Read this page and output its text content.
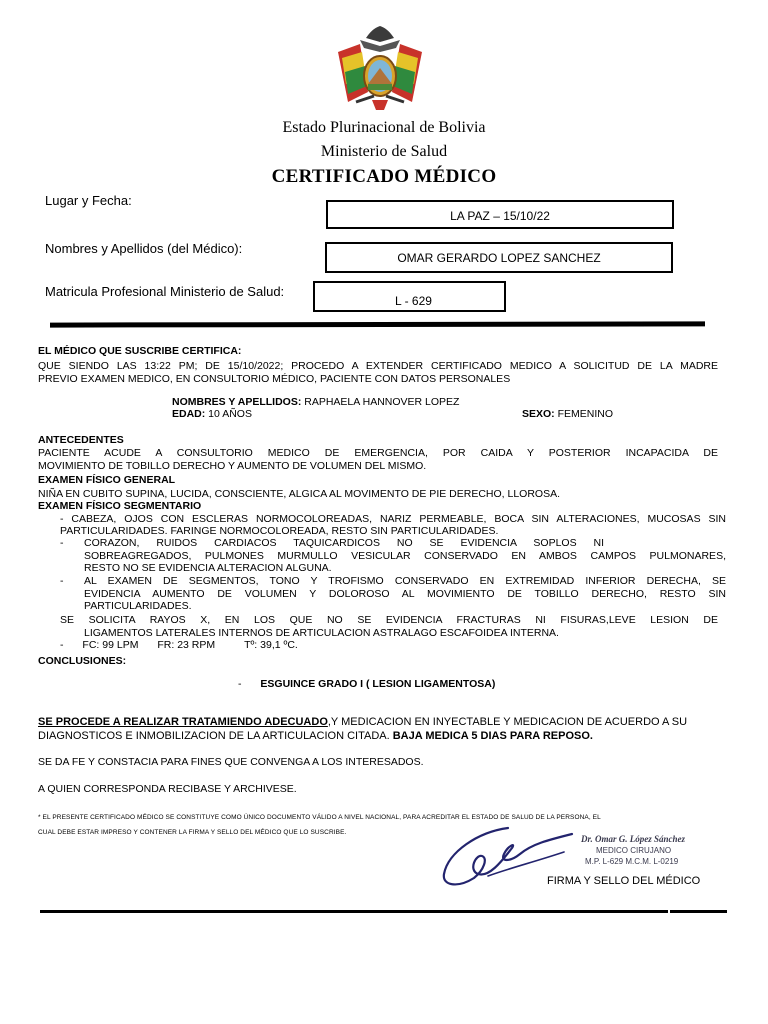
Estado Plurinacional de Bolivia
Ministerio de Salud
CERTIFICADO MÉDICO
Lugar y Fecha:
LA PAZ – 15/10/22
Nombres y Apellidos (del Médico):
OMAR GERARDO LOPEZ SANCHEZ
Matricula Profesional Ministerio de Salud:
L - 629
EL MÉDICO QUE SUSCRIBE CERTIFICA:
QUE SIENDO LAS 13:22 PM; DE 15/10/2022; PROCEDO A EXTENDER CERTIFICADO MEDICO A SOLICITUD DE LA MADRE
PREVIO EXAMEN MEDICO, EN CONSULTORIO MÉDICO, PACIENTE CON DATOS PERSONALES
NOMBRES Y APELLIDOS: RAPHAELA HANNOVER LOPEZ
EDAD: 10 AÑOS	SEXO: FEMENINO
ANTECEDENTES
PACIENTE ACUDE A CONSULTORIO MEDICO DE EMERGENCIA, POR CAIDA Y POSTERIOR INCAPACIDA DE
MOVIMIENTO DE TOBILLO DERECHO Y AUMENTO DE VOLUMEN DEL MISMO.
EXAMEN FÍSICO GENERAL
NIÑA EN CUBITO SUPINA, LUCIDA, CONSCIENTE, ALGICA AL MOVIMENTO DE PIE DERECHO, LLOROSA.
EXAMEN FÍSICO SEGMENTARIO
- CABEZA, OJOS CON ESCLERAS NORMOCOLOREADAS, NARIZ PERMEABLE, BOCA SIN ALTERACIONES, MUCOSAS SIN
PARTICULARIDADES. FARINGE NORMOCOLOREADA, RESTO SIN PARTICULARIDADES.
- CORAZON, RUIDOS CARDIACOS TAQUICARDICOS NO SE EVIDENCIA SOPLOS NI
SOBREAGREGADOS, PULMONES MURMULLO VESICULAR CONSERVADO EN AMBOS CAMPOS PULMONARES,
RESTO NO SE EVIDENCIA ALTERACION ALGUNA.
- AL EXAMEN DE SEGMENTOS, TONO Y TROFISMO CONSERVADO EN EXTREMIDAD INFERIOR DERECHA, SE
EVIDENCIA AUMENTO DE VOLUMEN Y DOLOROSO AL MOVIMIENTO DE TOBILLO DERECHO, RESTO SIN
PARTICULARIDADES.
SE SOLICITA RAYOS X, EN LOS QUE NO SE EVIDENCIA FRACTURAS NI FISURAS,LEVE LESION DE
LIGAMENTOS LATERALES INTERNOS DE ARTICULACION ASTRALAGO ESCAFOIDEA INTERNA.
- FC: 99 LPM FR: 23 RPM	Tº: 39,1 ºC.
CONCLUSIONES:
- ESGUINCE GRADO I ( LESION LIGAMENTOSA)
SE PROCEDE A REALIZAR TRATAMIENDO ADECUADO,Y MEDICACION EN INYECTABLE Y MEDICACION DE ACUERDO A SU
DIAGNOSTICOS E INMOBILIZACION DE LA ARTICULACION CITADA. BAJA MEDICA 5 DIAS PARA REPOSO.
SE DA FE Y CONSTACIA PARA FINES QUE CONVENGA A LOS INTERESADOS.
A QUIEN CORRESPONDA RECIBASE Y ARCHIVESE.
* EL PRESENTE CERTIFICADO MÉDICO SE CONSTITUYE COMO ÚNICO DOCUMENTO VÁLIDO A NIVEL NACIONAL, PARA ACREDITAR EL ESTADO DE SALUD DE LA PERSONA, EL
CUAL DEBE ESTAR IMPRESO Y CONTENER LA FIRMA Y SELLO DEL MÉDICO QUE LO SUSCRIBE.
Dr. Omar G. López Sánchez
MEDICO CIRUJANO
M.P. L-629 M.C.M. L-0219
FIRMA Y SELLO DEL MÉDICO
